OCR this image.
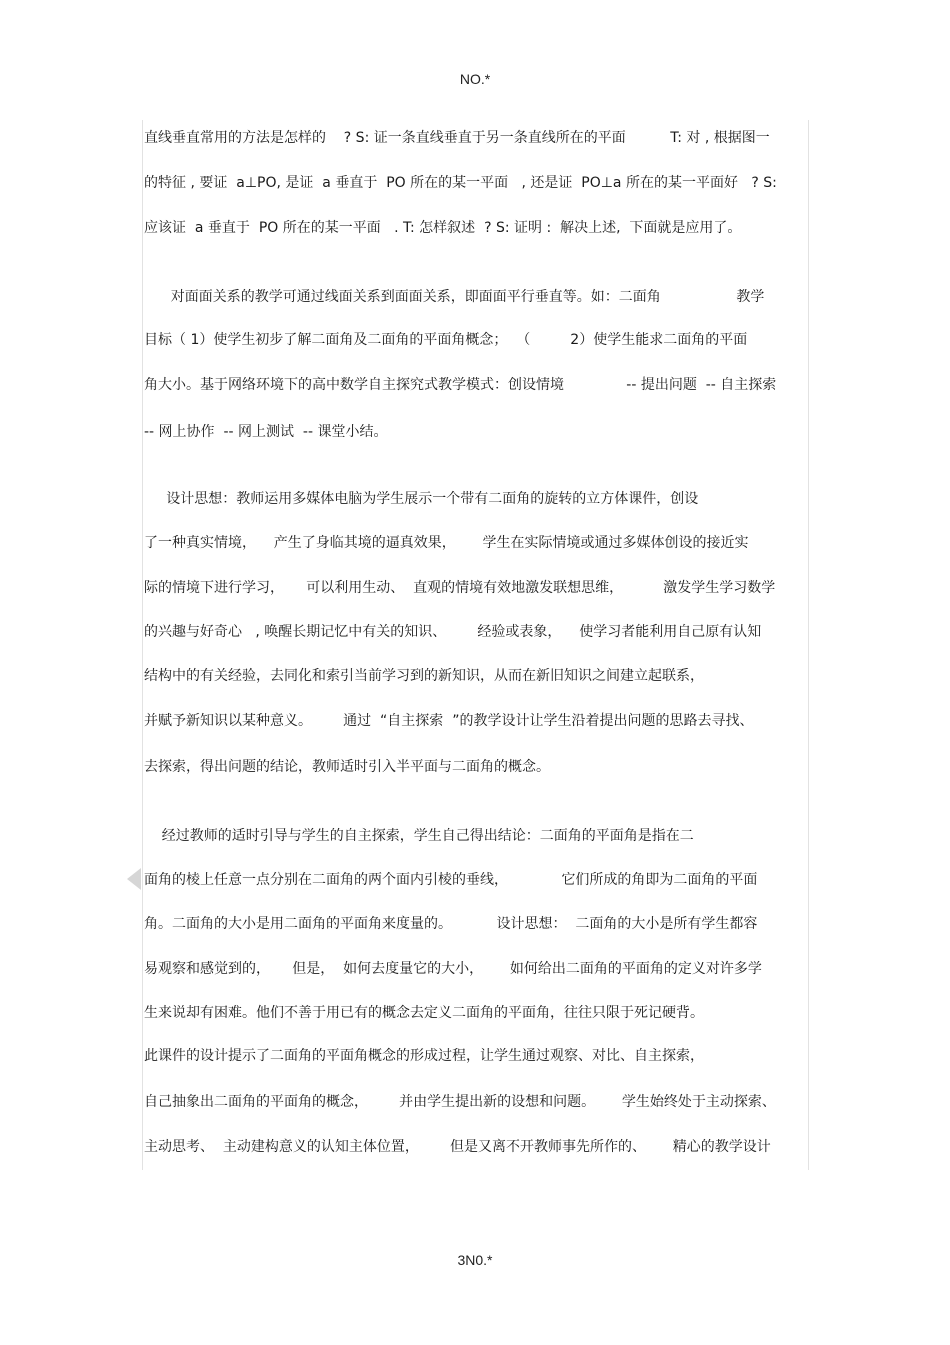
NO.*
直线垂直常用的方法是怎样的    ? S: 证一条直线垂直于另一条直线所在的平面          T: 对 , 根据图一
的特征 , 要证  a⊥PO, 是证  a 垂直于  PO 所在的某一平面   , 还是证  PO⊥a 所在的某一平面好   ? S:
应该证  a 垂直于  PO 所在的某一平面   . T: 怎样叙述  ? S: 证明 :  解决上述,  下面就是应用了。
对面面关系的教学可通过线面关系到面面关系，即面面平行垂直等。如：二面角                 教学
目标（ 1）使学生初步了解二面角及二面角的平面角概念；  （         2）使学生能求二面角的平面
角大小。基于网络环境下的高中数学自主探究式教学模式：创设情境              -- 提出问题  -- 自主探索
-- 网上协作  -- 网上测试  -- 课堂小结。
设计思想：教师运用多媒体电脑为学生展示一个带有二面角的旋转的立方体课件，创设
了一种真实情境，    产生了身临其境的逼真效果，      学生在实际情境或通过多媒体创设的接近实
际的情境下进行学习，     可以利用生动、  直观的情境有效地激发联想思维，         激发学生学习数学
的兴趣与好奇心   , 唤醒长期记忆中有关的知识、       经验或表象，    使学习者能利用自己原有认知
结构中的有关经验，去同化和索引当前学习到的新知识，从而在新旧知识之间建立起联系，
并赋予新知识以某种意义。       通过  “自主探索  ”的教学设计让学生沿着提出问题的思路去寻找、
去探索，得出问题的结论，教师适时引入半平面与二面角的概念。
经过教师的适时引导与学生的自主探索，学生自己得出结论：二面角的平面角是指在二
面角的棱上任意一点分别在二面角的两个面内引棱的垂线，            它们所成的角即为二面角的平面
角。二面角的大小是用二面角的平面角来度量的。          设计思想：  二面角的大小是所有学生都容
易观察和感觉到的，     但是，  如何去度量它的大小，      如何给出二面角的平面角的定义对许多学
生来说却有困难。他们不善于用已有的概念去定义二面角的平面角，往往只限于死记硬背。
此课件的设计提示了二面角的平面角概念的形成过程，让学生通过观察、对比、自主探索，
自己抽象出二面角的平面角的概念，       并由学生提出新的设想和问题。      学生始终处于主动探索、
主动思考、  主动建构意义的认知主体位置，       但是又离不开教师事先所作的、      精心的教学设计
3N0.*
